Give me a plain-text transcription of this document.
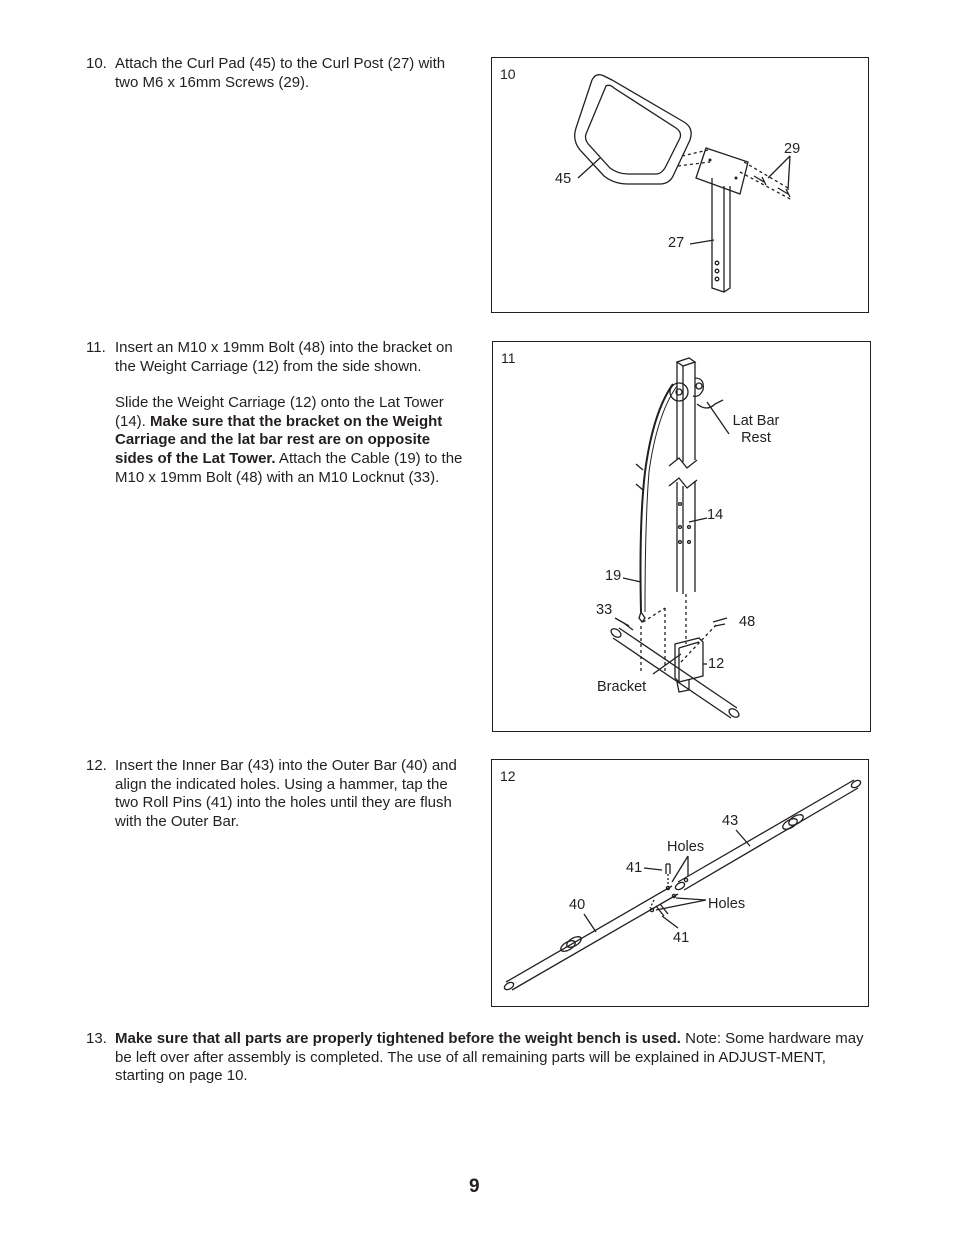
10. Attach the Curl Pad (45) to the Curl Post (27) with two M6 x 16mm Screws (29).

11. Insert an M10 x 19mm Bolt (48) into the bracket on the Weight Carriage (12) from the side shown.

Slide the Weight Carriage (12) onto the Lat Tower (14). Make sure that the bracket on the Weight Carriage and the lat bar rest are on opposite sides of the Lat Tower. Attach the Cable (19) to the M10 x 19mm Bolt (48) with an M10 Locknut (33).

12. Insert the Inner Bar (43) into the Outer Bar (40) and align the indicated holes. Using a hammer, tap the two Roll Pins (41) into the holes until they are flush with the Outer Bar.

13. Make sure that all parts are properly tightened before the weight bench is used. Note: Some hardware may be left over after assembly is completed. The use of all remaining parts will be explained in ADJUST-MENT, starting on page 10.

10
45
29
27
11
Lat Bar Rest
14
19
33
48
12
Bracket
12
43
Holes
41
40	Holes
41
9
